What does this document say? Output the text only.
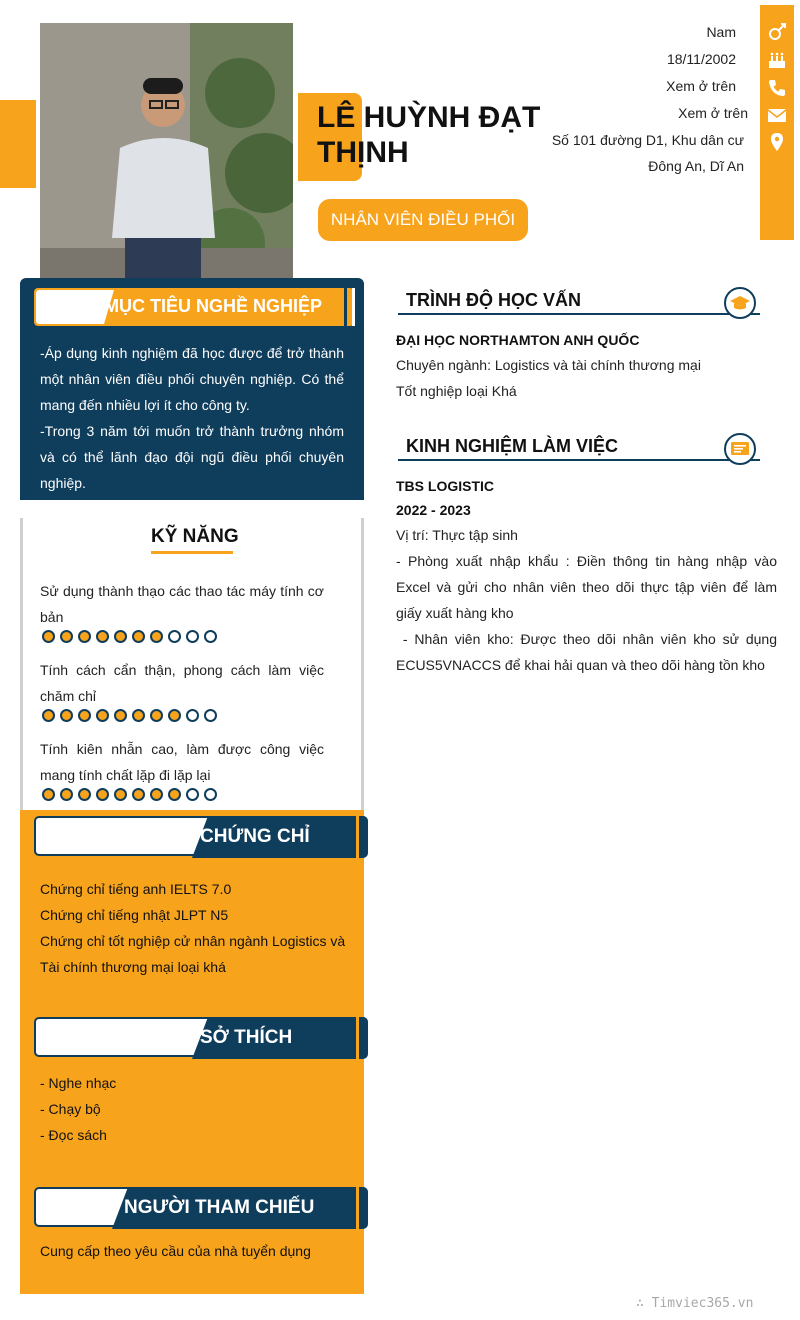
LÊ HUỲNH ĐẠT THỊNH
NHÂN VIÊN ĐIỀU PHỐI
Nam
18/11/2002
Xem ở trên
Xem ở trên
Số 101 đường D1, Khu dân cư
Đông An, Dĩ An
MỤC TIÊU NGHỀ NGHIỆP
-Áp dụng kinh nghiệm đã học được để trở thành một nhân viên điều phối chuyên nghiệp. Có thể mang đến nhiều lợi ít cho công ty.
-Trong 3 năm tới muốn trở thành trưởng nhóm và có thể lãnh đạo đội ngũ điều phối chuyên nghiệp.
KỸ NĂNG
Sử dụng thành thạo các thao tác máy tính cơ bản
Tính cách cẩn thận, phong cách làm việc chăm chỉ
Tính kiên nhẫn cao, làm được công việc mang tính chất lặp đi lặp lại
CHỨNG CHỈ
Chứng chỉ tiếng anh IELTS 7.0
Chứng chỉ tiếng nhật JLPT N5
Chứng chỉ tốt nghiệp cử nhân ngành Logistics và Tài chính thương mại loại khá
SỞ THÍCH
- Nghe nhạc
- Chạy bộ
- Đọc sách
NGƯỜI THAM CHIẾU
Cung cấp theo yêu cầu của nhà tuyển dụng
TRÌNH ĐỘ HỌC VẤN
ĐẠI HỌC NORTHAMTON ANH QUỐC
Chuyên ngành: Logistics và tài chính thương mại
Tốt nghiệp loại Khá
KINH NGHIỆM LÀM VIỆC
TBS LOGISTIC
2022 - 2023
Vị trí: Thực tập sinh
- Phòng xuất nhập khẩu : Điền thông tin hàng nhập vào Excel và gửi cho nhân viên theo dõi thực tập viên để làm giấy xuất hàng kho
- Nhân viên kho: Được theo dõi nhân viên kho sử dụng ECUS5VNACCS để khai hải quan và theo dõi hàng tồn kho
∴ Timviec365.vn
